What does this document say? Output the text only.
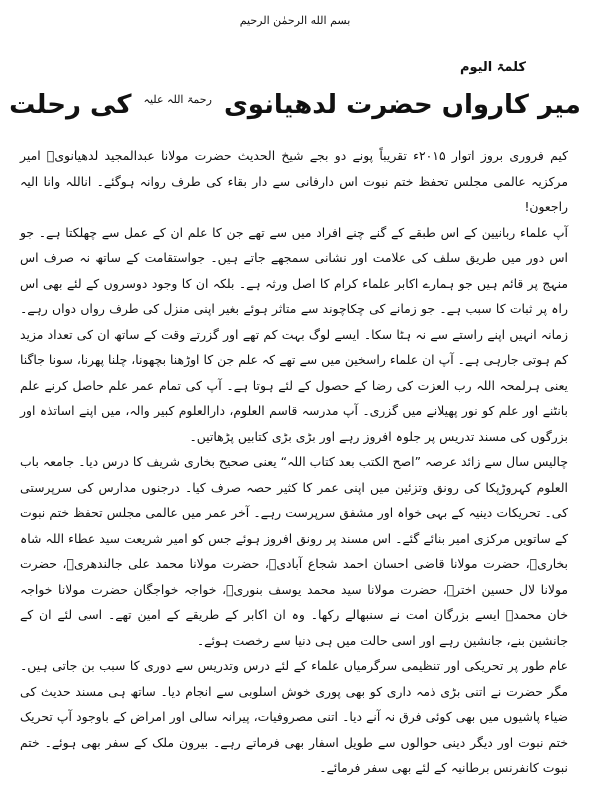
بسم الله الرحمٰن الرحیم
کلمۃ الیوم
میر کارواں حضرت لدھیانوی $^{رحمۃ اللہ علیہ}$ کی رحلت

کیم فروری بروز اتوار ۲۰۱۵ء تقریباً پونے دو بجے شیخ الحدیث حضرت مولانا عبدالمجید لدھیانویؒ امیر مرکزیہ عالمی مجلس تحفظ ختم نبوت اس دارفانی سے دار بقاء کی طرف روانہ ہوگئے۔ اناللہ وانا الیہ راجعون!

آپ علماء ربانیین کے اس طبقے کے گنے چنے افراد میں سے تھے جن کا علم ان کے عمل سے چھلکتا ہے۔ جو اس دور میں طریق سلف کی علامت اور نشانی سمجھے جاتے ہیں۔ جواستقامت کے ساتھ نہ صرف اس منہج پر قائم ہیں جو ہمارے اکابر علماء کرام کا اصل ورثہ ہے۔ بلکہ ان کا وجود دوسروں کے لئے بھی اس راہ پر ثبات کا سبب ہے۔ جو زمانے کی چکاچوند سے متاثر ہوئے بغیر اپنی منزل کی طرف رواں دواں رہے۔ زمانہ انہیں اپنے راستے سے نہ ہٹا سکا۔ ایسے لوگ بہت کم تھے اور گزرتے وقت کے ساتھ ان کی تعداد مزید کم ہوتی جارہی ہے۔ آپ ان علماء راسخین میں سے تھے کہ علم جن کا اوڑھنا بچھونا، چلنا پھرنا، سونا جاگنا یعنی ہرلمحہ اللہ رب العزت کی رضا کے حصول کے لئے ہوتا ہے۔ آپ کی تمام عمر علم حاصل کرنے علم بانٹنے اور علم کو نور پھیلانے میں گزری۔ آپ مدرسہ قاسم العلوم، دارالعلوم کبیر والہ، میں اپنے اساتذہ اور بزرگوں کی مسند تدریس پر جلوہ افروز رہے اور بڑی بڑی کتابیں پڑھاتیں۔

چالیس سال سے زائد عرصہ ”اصح الکتب بعد کتاب اللہ“ یعنی صحیح بخاری شریف کا درس دیا۔ جامعہ باب العلوم کہروڑپکا کی رونق وتزئین میں اپنی عمر کا کثیر حصہ صرف کیا۔ درجنوں مدارس کی سرپرستی کی۔ تحریکات دینیہ کے بہی خواہ اور مشفق سرپرست رہے۔ آخر عمر میں عالمی مجلس تحفظ ختم نبوت کے ساتویں مرکزی امیر بنائے گئے۔ اس مسند پر رونق افروز ہوئے جس کو امیر شریعت سید عطاء اللہ شاہ بخاریؒ، حضرت مولانا قاضی احسان احمد شجاع آبادیؒ، حضرت مولانا محمد علی جالندھریؒ، حضرت مولانا لال حسین اخترؒ، حضرت مولانا سید محمد یوسف بنوریؒ، خواجہ خواجگان حضرت مولانا خواجہ خان محمدؒ ایسے بزرگان امت نے سنبھالے رکھا۔ وہ ان اکابر کے طریقے کے امین تھے۔ اسی لئے ان کے جانشین بنے، جانشین رہے اور اسی حالت میں ہی دنیا سے رخصت ہوئے۔

عام طور پر تحریکی اور تنظیمی سرگرمیاں علماء کے لئے درس وتدریس سے دوری کا سبب بن جاتی ہیں۔ مگر حضرت نے اتنی بڑی ذمہ داری کو بھی پوری خوش اسلوبی سے انجام دیا۔ ساتھ ہی مسند حدیث کی ضیاء پاشیوں میں بھی کوئی فرق نہ آنے دیا۔ اتنی مصروفیات، پیرانہ سالی اور امراض کے باوجود آپ تحریک ختم نبوت اور دیگر دینی حوالوں سے طویل اسفار بھی فرماتے رہے۔ بیرون ملک کے سفر بھی ہوئے۔ ختم نبوت کانفرنس برطانیہ کے لئے بھی سفر فرمائے۔
